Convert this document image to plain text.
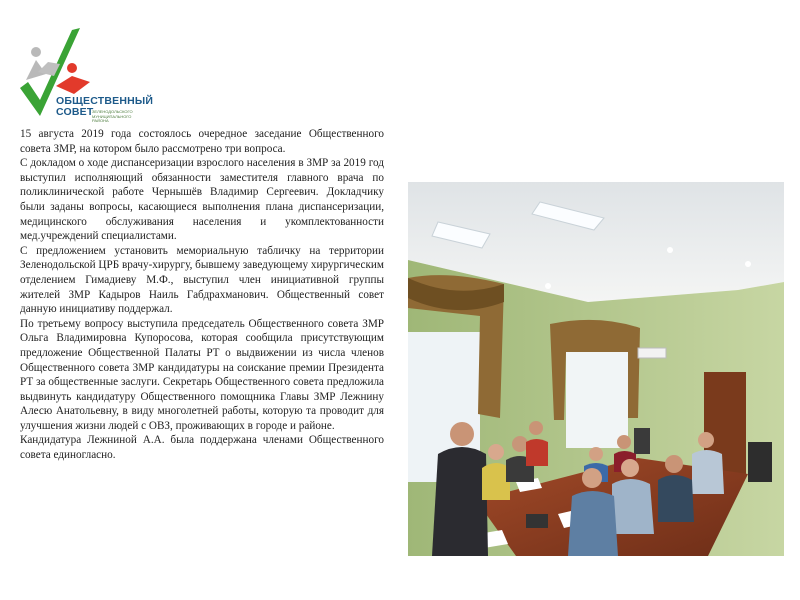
ОБЩЕСТВЕННЫЙ
СОВЕТ
ЗЕЛЕНОДОЛЬСКОГО МУНИЦИПАЛЬНОГО РАЙОНА

15 августа 2019 года состоялось очередное заседание Общественного совета ЗМР, на котором было рассмотрено три вопроса.

С докладом о ходе диспансеризации взрослого населения в ЗМР за 2019 год выступил исполняющий обязанности заместителя главного врача по поликлинической работе Чернышёв Владимир Сергеевич. Докладчику были заданы вопросы, касающиеся выполнения плана диспансеризации, медицинского обслуживания населения и укомплектованности мед.учреждений специалистами.

С предложением установить мемориальную табличку на территории Зеленодольской ЦРБ врачу-хирургу, бывшему заведующему хирургическим отделением Гимадиеву М.Ф., выступил член инициативной группы жителей ЗМР Кадыров Наиль Габдрахманович. Общественный совет данную инициативу поддержал.

По третьему вопросу выступила председатель Общественного совета ЗМР Ольга Владимировна Купоросова, которая сообщила присутствующим предложение Общественной Палаты РТ о выдвижении из числа членов Общественного совета ЗМР кандидатуры на соискание премии Президента РТ за общественные заслуги. Секретарь Общественного совета предложила выдвинуть кандидатуру Общественного помощника Главы ЗМР Лежнину Алесю Анатольевну, в виду многолетней работы, которую та проводит для улучшения жизни людей с ОВЗ, проживающих в городе и районе.

Кандидатура Лежниной А.А. была поддержана членами Общественного совета единогласно.
